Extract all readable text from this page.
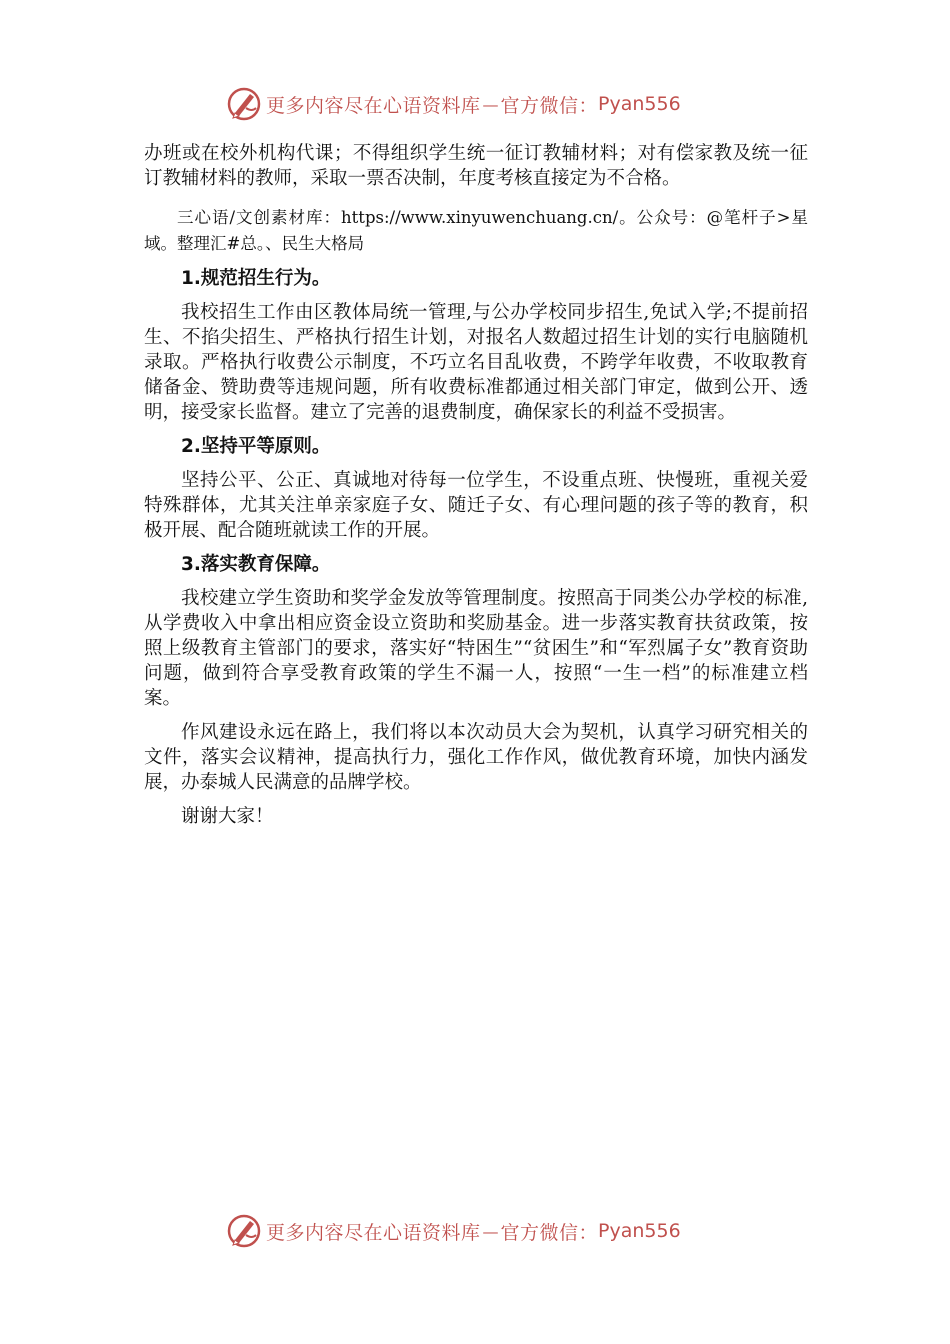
更多内容尽在心语资料库 — 官方微信： Pyan556

办班或在校外机构代课；不得组织学生统一征订教辅材料；对有偿家教及统一征订教辅材料的教师，采取一票否决制，年度考核直接定为不合格。

三心语/文创素材库：https://www.xinyuwenchuang.cn/。公众号：@笔杆子>星域。整理汇#总。、民生大格局

1.规范招生行为。

我校招生工作由区教体局统一管理,与公办学校同步招生,免试入学;不提前招生、不掐尖招生、严格执行招生计划，对报名人数超过招生计划的实行电脑随机录取。严格执行收费公示制度，不巧立名目乱收费，不跨学年收费，不收取教育储备金、赞助费等违规问题，所有收费标准都通过相关部门审定，做到公开、透明，接受家长监督。建立了完善的退费制度，确保家长的利益不受损害。

2.坚持平等原则。

坚持公平、公正、真诚地对待每一位学生，不设重点班、快慢班，重视关爱特殊群体，尤其关注单亲家庭子女、随迁子女、有心理问题的孩子等的教育，积极开展、配合随班就读工作的开展。

3.落实教育保障。

我校建立学生资助和奖学金发放等管理制度。按照高于同类公办学校的标准,从学费收入中拿出相应资金设立资助和奖励基金。进一步落实教育扶贫政策，按照上级教育主管部门的要求，落实好“特困生”“贫困生”和“军烈属子女”教育资助问题，做到符合享受教育政策的学生不漏一人，按照“一生一档”的标准建立档案。

作风建设永远在路上，我们将以本次动员大会为契机，认真学习研究相关的文件，落实会议精神，提高执行力，强化工作作风，做优教育环境，加快内涵发展，办泰城人民满意的品牌学校。

谢谢大家！

更多内容尽在心语资料库 — 官方微信： Pyan556
